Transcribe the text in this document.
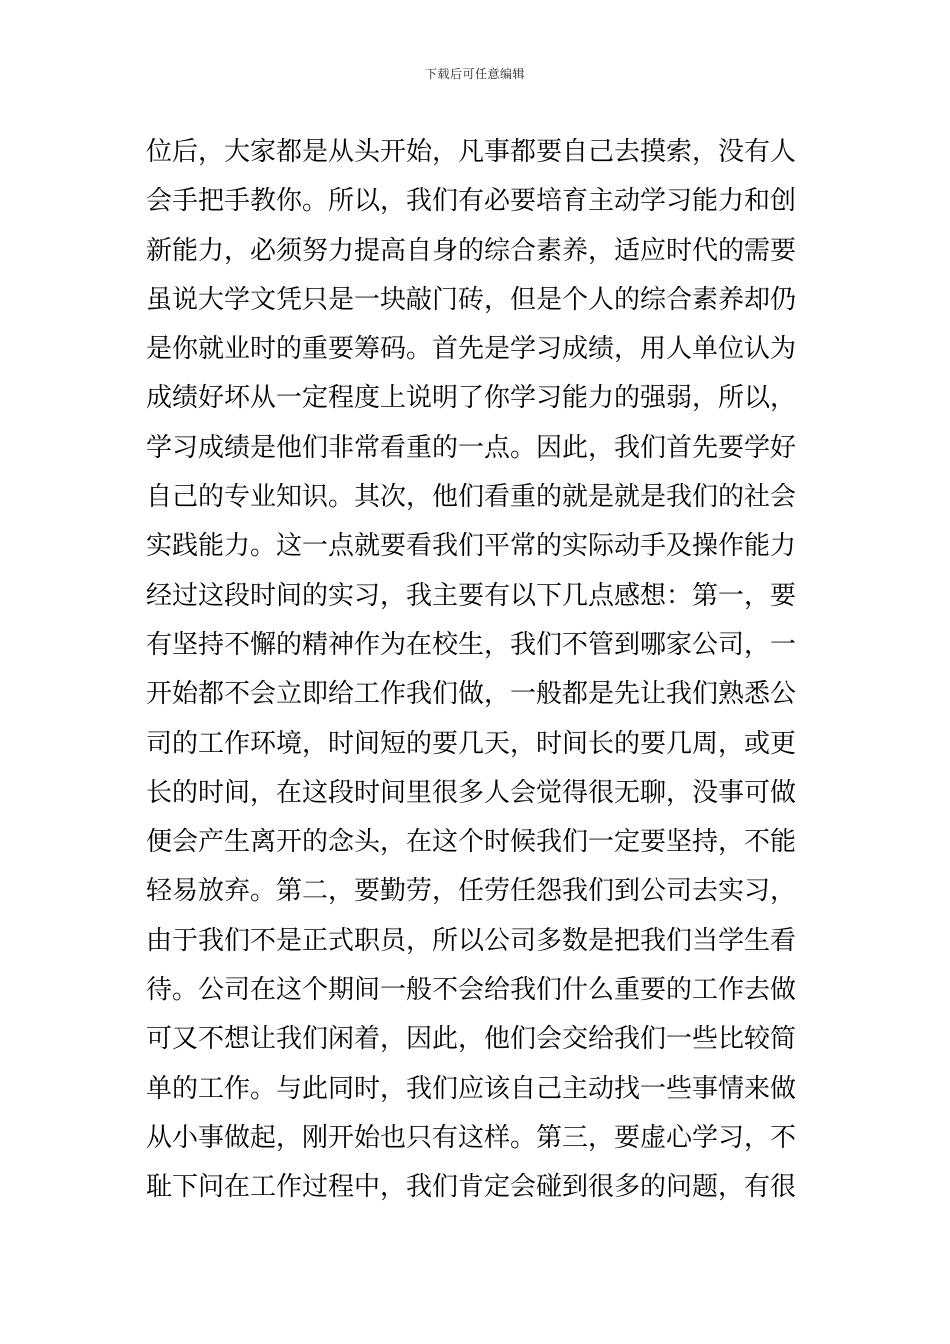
下载后可任意编辑
位后，大家都是从头开始，凡事都要自己去摸索，没有人
会手把手教你。所以，我们有必要培育主动学习能力和创
新能力，必须努力提高自身的综合素养，适应时代的需要
虽说大学文凭只是一块敲门砖，但是个人的综合素养却仍
是你就业时的重要筹码。首先是学习成绩，用人单位认为
成绩好坏从一定程度上说明了你学习能力的强弱，所以，
学习成绩是他们非常看重的一点。因此，我们首先要学好
自己的专业知识。其次，他们看重的就是就是我们的社会
实践能力。这一点就要看我们平常的实际动手及操作能力
经过这段时间的实习，我主要有以下几点感想：第一，要
有坚持不懈的精神作为在校生，我们不管到哪家公司，一
开始都不会立即给工作我们做，一般都是先让我们熟悉公
司的工作环境，时间短的要几天，时间长的要几周，或更
长的时间，在这段时间里很多人会觉得很无聊，没事可做
便会产生离开的念头，在这个时候我们一定要坚持，不能
轻易放弃。第二，要勤劳，任劳任怨我们到公司去实习，
由于我们不是正式职员，所以公司多数是把我们当学生看
待。公司在这个期间一般不会给我们什么重要的工作去做
可又不想让我们闲着，因此，他们会交给我们一些比较简
单的工作。与此同时，我们应该自己主动找一些事情来做
从小事做起，刚开始也只有这样。第三，要虚心学习，不
耻下问在工作过程中，我们肯定会碰到很多的问题，有很
